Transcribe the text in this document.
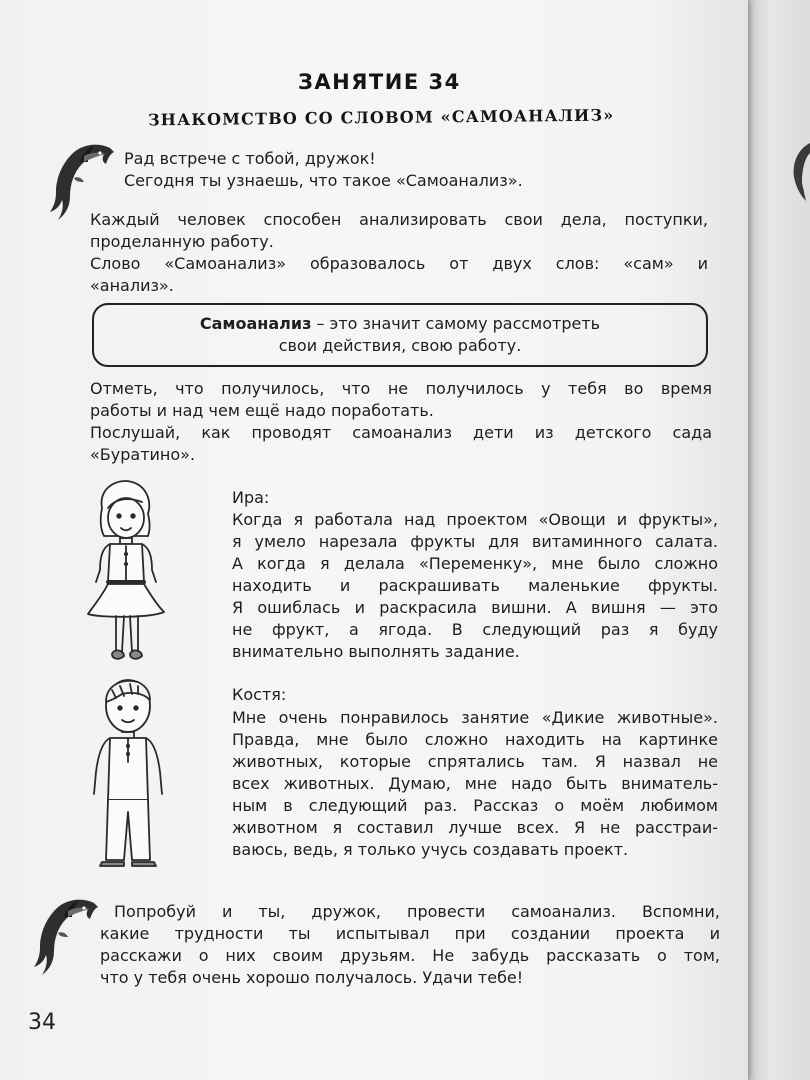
ЗАНЯТИЕ 34
ЗНАКОМСТВО СО СЛОВОМ «САМОАНАЛИЗ»

Рад встрече с тобой, дружок!

Сегодня ты узнаешь, что такое «Самоанализ».

Каждый человек способен анализировать свои дела, поступки,
проделанную работу.
Слово «Самоанализ» образовалось от двух слов: «сам» и
«анализ».
Самоанализ – это значит самому рассмотреть
свои действия, свою работу.
Отметь, что получилось, что не получилось у тебя во время
работы и над чем ещё надо поработать.
Послушай, как проводят самоанализ дети из детского сада
«Буратино».

Ира:

Когда я работала над проектом «Овощи и фрукты»,
я умело нарезала фрукты для витаминного салата.
А когда я делала «Переменку», мне было сложно
находить и раскрашивать маленькие фрукты.
Я ошиблась и раскрасила вишни. А вишня — это
не фрукт, а ягода. В следующий раз я буду
внимательно выполнять задание.

Костя:

Мне очень понравилось занятие «Дикие животные».
Правда, мне было сложно находить на картинке
животных, которые спрятались там. Я назвал не
всех животных. Думаю, мне надо быть вниматель-
ным в следующий раз. Рассказ о моём любимом
животном я составил лучше всех. Я не расстраи-
ваюсь, ведь, я только учусь создавать проект.
Попробуй и ты, дружок, провести самоанализ. Вспомни,
какие трудности ты испытывал при создании проекта и
расскажи о них своим друзьям. Не забудь рассказать о том,
что у тебя очень хорошо получалось. Удачи тебе!
34
